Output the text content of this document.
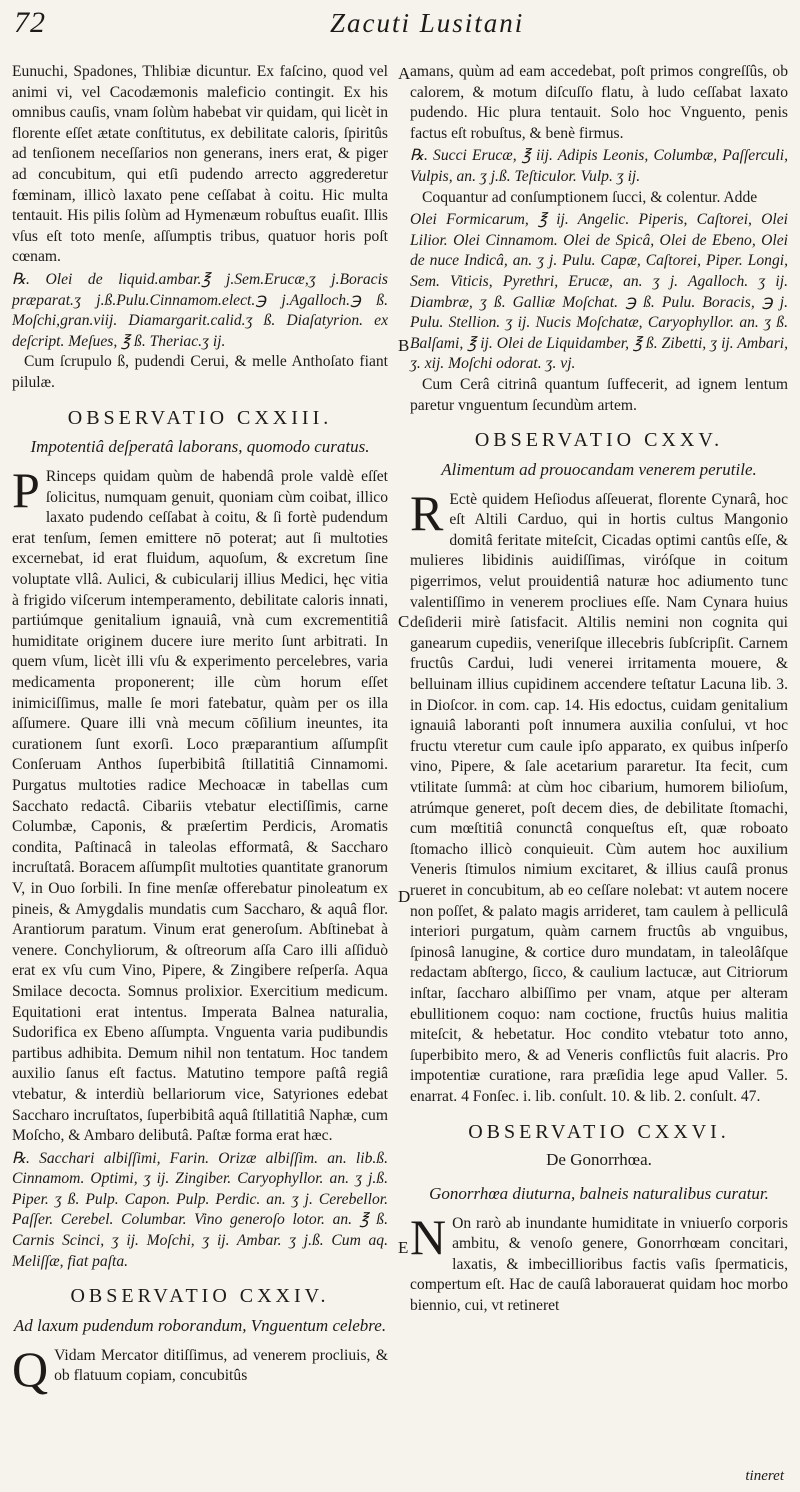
72	Zacuti Lusitani
A
B
C
D
E

Eunuchi, Spadones, Thlibiæ dicuntur. Ex faſcino, quod vel animi vi, vel Cacodæmonis maleficio contingit. Ex his omnibus cauſis, vnam ſolùm habebat vir quidam, qui licèt in florente eſſet ætate conſtitutus, ex debilitate caloris, ſpiritûs ad tenſionem neceſſarios non generans, iners erat, & piger ad concubitum, qui etſi pudendo arrecto aggrederetur fœminam, illicò laxato pene ceſſabat à coitu. Hic multa tentauit. His pilis ſolùm ad Hymenæum robuſtus euaſit. Illis vſus eſt toto menſe, aſſumptis tribus, quatuor horis poſt cœnam.

℞. Olei de liquid.ambar.℥ j.Sem.Erucæ,ʒ j.Boracis præparat.ʒ j.ß.Pulu.Cinnamom.elect.℈ j.Agalloch.℈ ß. Moſchi,gran.viij. Diamargarit.calid.ʒ ß. Diaſatyrion. ex deſcript. Meſues, ℥ ß. Theriac.ʒ ij.

Cum ſcrupulo ß, pudendi Cerui, & melle Anthoſato fiant pilulæ.

OBSERVATIO CXXIII.
Impotentiâ deſperatâ laborans, quomodo curatus.

P Rinceps quidam quùm de habendâ prole valdè eſſet ſolicitus, numquam genuit, quoniam cùm coibat, illico laxato pudendo ceſſabat à coitu, & ſi fortè pudendum erat tenſum, ſemen emittere nō poterat; aut ſi multoties excernebat, id erat fluidum, aquoſum, & excretum ſine voluptate vllâ. Aulici, & cubicularij illius Medici, hęc vitia à frigido viſcerum intemperamento, debilitate caloris innati, partiúmque genitalium ignauiâ, vnà cum excrementitiâ humiditate originem ducere iure merito ſunt arbitrati. In quem vſum, licèt illi vſu & experimento percelebres, varia medicamenta proponerent; ille cùm horum eſſet inimiciſſimus, malle ſe mori fatebatur, quàm per os illa aſſumere. Quare illi vnà mecum cōſilium ineuntes, ita curationem ſunt exorſi. Loco præparantium aſſumpſit Conſeruam Anthos ſuperbibitâ ſtillatitiâ Cinnamomi. Purgatus multoties radice Mechoacæ in tabellas cum Sacchato redactâ. Cibariis vtebatur electiſſimis, carne Columbæ, Caponis, & præſertim Perdicis, Aromatis condita, Paſtinacâ in taleolas efformatâ, & Saccharo incruſtatâ. Boracem aſſumpſit multoties quantitate granorum V, in Ouo ſorbili. In fine menſæ offerebatur pinoleatum ex pineis, & Amygdalis mundatis cum Saccharo, & aquâ flor. Arantiorum paratum. Vinum erat generoſum. Abſtinebat à venere. Conchyliorum, & oſtreorum aſſa Caro illi aſſiduò erat ex vſu cum Vino, Pipere, & Zingibere reſperſa. Aqua Smilace decocta. Somnus prolixior. Exercitium medicum. Equitationi erat intentus. Imperata Balnea naturalia, Sudorifica ex Ebeno aſſumpta. Vnguenta varia pudibundis partibus adhibita. Demum nihil non tentatum. Hoc tandem auxilio ſanus eſt factus. Matutino tempore paſtâ regiâ vtebatur, & interdiù bellariorum vice, Satyriones edebat Saccharo incruſtatos, ſuperbibitâ aquâ ſtillatitiâ Naphæ, cum Moſcho, & Ambaro delibutâ. Paſtæ forma erat hæc.

℞. Sacchari albiſſimi, Farin. Orizæ albiſſim. an. lib.ß. Cinnamom. Optimi, ʒ ij. Zingiber. Caryophyllor. an. ʒ j.ß. Piper. ʒ ß. Pulp. Capon. Pulp. Perdic. an. ʒ j. Cerebellor. Paſſer. Cerebel. Columbar. Vino generoſo lotor. an. ℥ ß. Carnis Scinci, ʒ ij. Moſchi, ʒ ij. Ambar. ʒ j.ß. Cum aq. Meliſſæ, fiat paſta.

OBSERVATIO CXXIV.
Ad laxum pudendum roborandum, Vnguentum celebre.

Q Vidam Mercator ditiſſimus, ad venerem procliuis, & ob flatuum copiam, concubitûs

amans, quùm ad eam accedebat, poſt primos congreſſûs, ob calorem, & motum diſcuſſo flatu, à ludo ceſſabat laxato pudendo. Hic plura tentauit. Solo hoc Vnguento, penis factus eſt robuſtus, & benè firmus.

℞. Succi Erucæ, ℥ iij. Adipis Leonis, Columbæ, Paſſerculi, Vulpis, an. ʒ j.ß. Teſticulor. Vulp. ʒ ij.

Coquantur ad conſumptionem ſucci, & colentur. Adde

Olei Formicarum, ℥ ij. Angelic. Piperis, Caſtorei, Olei Lilior. Olei Cinnamom. Olei de Spicâ, Olei de Ebeno, Olei de nuce Indicâ, an. ʒ j. Pulu. Capæ, Caſtorei, Piper. Longi, Sem. Viticis, Pyrethri, Erucæ, an. ʒ j. Agalloch. ʒ ij. Diambræ, ʒ ß. Galliæ Moſchat. ℈ ß. Pulu. Boracis, ℈ j. Pulu. Stellion. ʒ ij. Nucis Moſchatæ, Caryophyllor. an. ʒ ß. Balſami, ℥ ij. Olei de Liquidamber, ℥ ß. Zibetti, ʒ ij. Ambari, ʒ. xij. Moſchi odorat. ʒ. vj.

Cum Cerâ citrinâ quantum ſuffecerit, ad ignem lentum paretur vnguentum ſecundùm artem.

OBSERVATIO CXXV.
Alimentum ad prouocandam venerem perutile.

R Ectè quidem Heſiodus aſſeuerat, florente Cynarâ, hoc eſt Altili Carduo, qui in hortis cultus Mangonio domitâ feritate miteſcit, Cicadas optimi cantûs eſſe, & mulieres libidinis auidiſſimas, viróſque in coitum pigerrimos, velut prouidentiâ naturæ hoc adiumento tunc valentiſſimo in venerem procliues eſſe. Nam Cynara huius deſiderii mirè ſatisfacit. Altilis nemini non cognita qui ganearum cupediis, veneriſque illecebris ſubſcripſit. Carnem fructûs Cardui, ludi venerei irritamenta mouere, & belluinam illius cupidinem accendere teſtatur Lacuna lib. 3. in Dioſcor. in com. cap. 14. His edoctus, cuidam genitalium ignauiâ laboranti poſt innumera auxilia conſului, vt hoc fructu vteretur cum caule ipſo apparato, ex quibus inſperſo vino, Pipere, & ſale acetarium pararetur. Ita fecit, cum vtilitate ſummâ: at cùm hoc cibarium, humorem bilioſum, atrúmque generet, poſt decem dies, de debilitate ſtomachi, cum mœſtitiâ conunctâ conqueſtus eſt, quæ roboato ſtomacho illicò conquieuit. Cùm autem hoc auxilium Veneris ſtimulos nimium excitaret, & illius cauſâ pronus rueret in concubitum, ab eo ceſſare nolebat: vt autem nocere non poſſet, & palato magis arrideret, tam caulem à pelliculâ interiori purgatum, quàm carnem fructûs ab vnguibus, ſpinosâ lanugine, & cortice duro mundatam, in taleolâſque redactam abſtergo, ſicco, & caulium lactucæ, aut Citriorum inſtar, ſaccharo albiſſimo per vnam, atque per alteram ebullitionem coquo: nam coctione, fructûs huius malitia miteſcit, & hebetatur. Hoc condito vtebatur toto anno, ſuperbibito mero, & ad Veneris conflictûs fuit alacris. Pro impotentiæ curatione, rara præſidia lege apud Valler. 5. enarrat. 4 Fonſec. i. lib. conſult. 10. & lib. 2. conſult. 47.

OBSERVATIO CXXVI.
De Gonorrhœa.
Gonorrhœa diuturna, balneis naturalibus curatur.

N On rarò ab inundante humiditate in vniuerſo corporis ambitu, & venoſo genere, Gonorrhœam concitari, laxatis, & imbecillioribus factis vaſis ſpermaticis, compertum eſt. Hac de cauſâ laborauerat quidam hoc morbo biennio, cui, vt retineret

tineret
